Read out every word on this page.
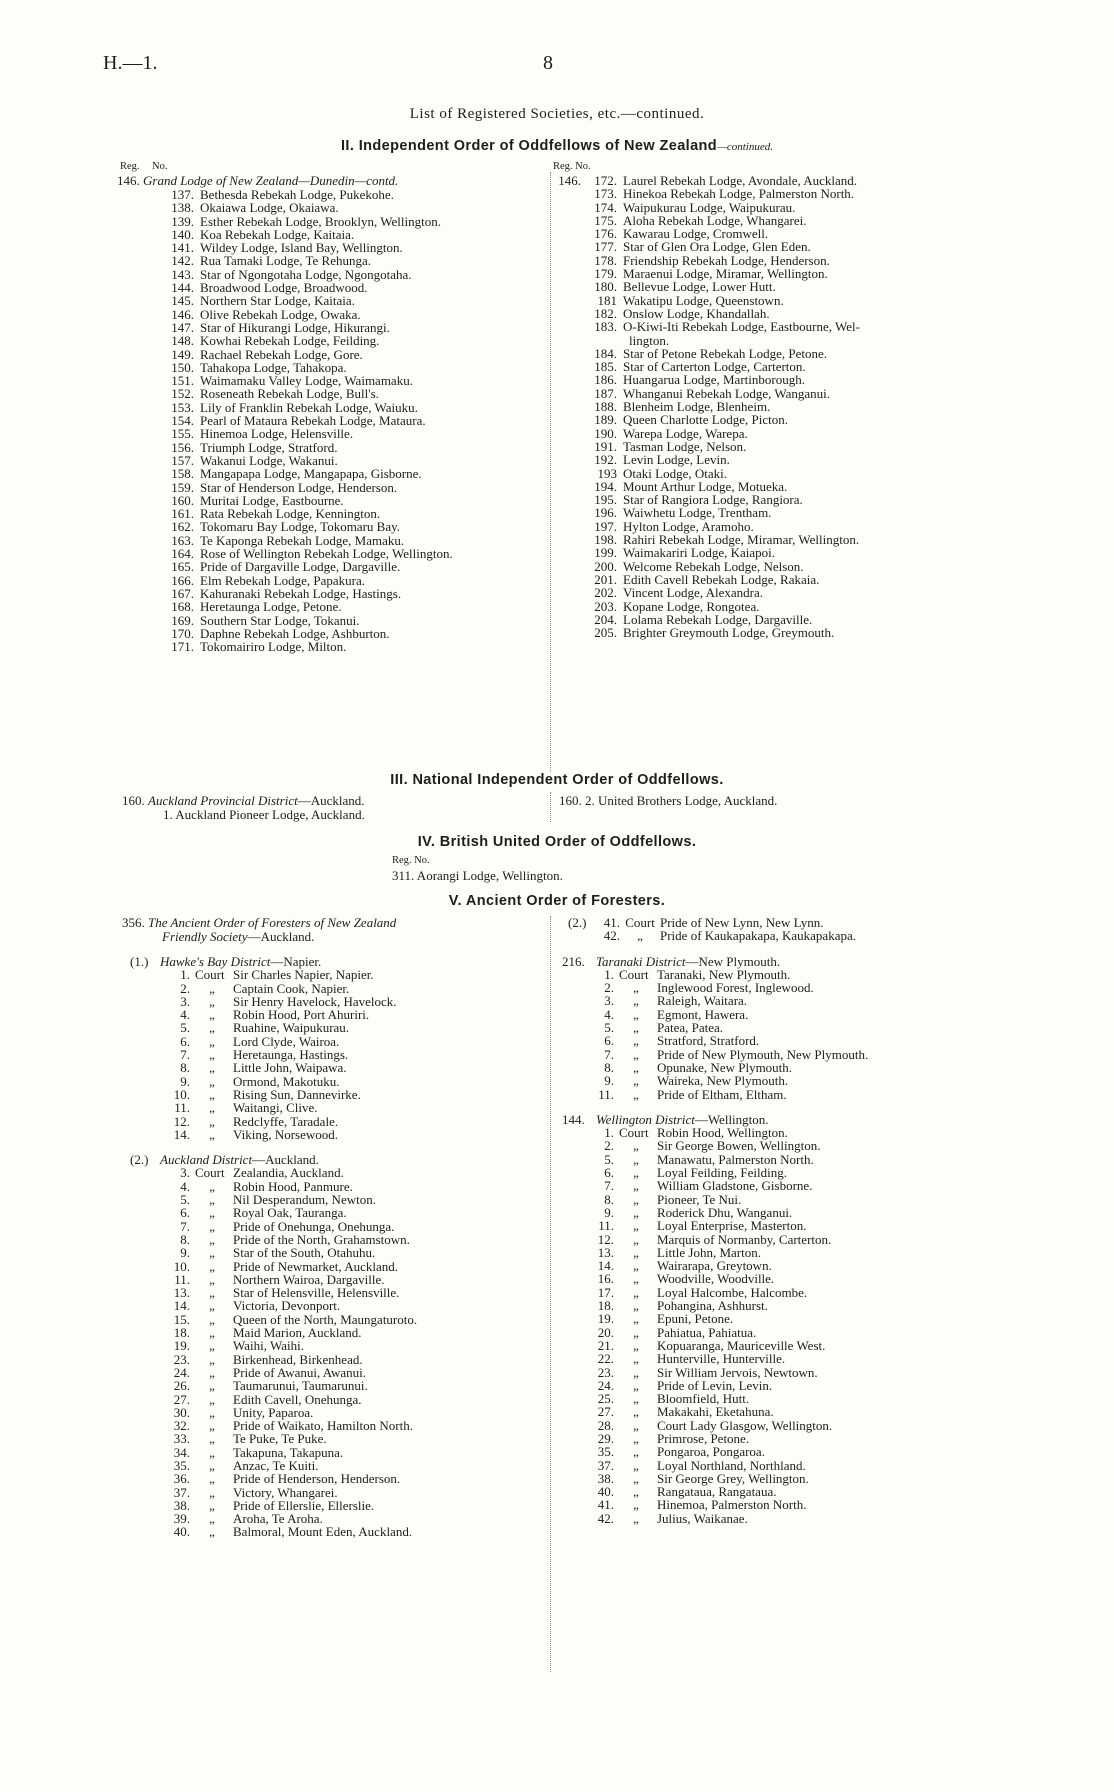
H.—1.	8
List of Registered Societies, etc.—continued.
II. Independent Order of Oddfellows of New Zealand—continued.
Reg. No.	Reg. No.
146. Grand Lodge of New Zealand—Dunedin—contd.
137. Bethesda Rebekah Lodge, Pukekohe.
138. Okaiawa Lodge, Okaiawa.
139. Esther Rebekah Lodge, Brooklyn, Wellington.
140. Koa Rebekah Lodge, Kaitaia.
141. Wildey Lodge, Island Bay, Wellington.
142. Rua Tamaki Lodge, Te Rehunga.
143. Star of Ngongotaha Lodge, Ngongotaha.
144. Broadwood Lodge, Broadwood.
145. Northern Star Lodge, Kaitaia.
146. Olive Rebekah Lodge, Owaka.
147. Star of Hikurangi Lodge, Hikurangi.
148. Kowhai Rebekah Lodge, Feilding.
149. Rachael Rebekah Lodge, Gore.
150. Tahakopa Lodge, Tahakopa.
151. Waimamaku Valley Lodge, Waimamaku.
152. Roseneath Rebekah Lodge, Bull's.
153. Lily of Franklin Rebekah Lodge, Waiuku.
154. Pearl of Mataura Rebekah Lodge, Mataura.
155. Hinemoa Lodge, Helensville.
156. Triumph Lodge, Stratford.
157. Wakanui Lodge, Wakanui.
158. Mangapapa Lodge, Mangapapa, Gisborne.
159. Star of Henderson Lodge, Henderson.
160. Muritai Lodge, Eastbourne.
161. Rata Rebekah Lodge, Kennington.
162. Tokomaru Bay Lodge, Tokomaru Bay.
163. Te Kaponga Rebekah Lodge, Mamaku.
164. Rose of Wellington Rebekah Lodge, Wellington.
165. Pride of Dargaville Lodge, Dargaville.
166. Elm Rebekah Lodge, Papakura.
167. Kahuranaki Rebekah Lodge, Hastings.
168. Heretaunga Lodge, Petone.
169. Southern Star Lodge, Tokanui.
170. Daphne Rebekah Lodge, Ashburton.
171. Tokomairiro Lodge, Milton.
146.	172. Laurel Rebekah Lodge, Avondale, Auckland.
173. Hinekoa Rebekah Lodge, Palmerston North.
174. Waipukurau Lodge, Waipukurau.
175. Aloha Rebekah Lodge, Whangarei.
176. Kawarau Lodge, Cromwell.
177. Star of Glen Ora Lodge, Glen Eden.
178. Friendship Rebekah Lodge, Henderson.
179. Maraenui Lodge, Miramar, Wellington.
180. Bellevue Lodge, Lower Hutt.
181 Wakatipu Lodge, Queenstown.
182. Onslow Lodge, Khandallah.
183. O-Kiwi-Iti Rebekah Lodge, Eastbourne, Wel-
lington.
184. Star of Petone Rebekah Lodge, Petone.
185. Star of Carterton Lodge, Carterton.
186. Huangarua Lodge, Martinborough.
187. Whanganui Rebekah Lodge, Wanganui.
188. Blenheim Lodge, Blenheim.
189. Queen Charlotte Lodge, Picton.
190. Warepa Lodge, Warepa.
191. Tasman Lodge, Nelson.
192. Levin Lodge, Levin.
193 Otaki Lodge, Otaki.
194. Mount Arthur Lodge, Motueka.
195. Star of Rangiora Lodge, Rangiora.
196. Waiwhetu Lodge, Trentham.
197. Hylton Lodge, Aramoho.
198. Rahiri Rebekah Lodge, Miramar, Wellington.
199. Waimakariri Lodge, Kaiapoi.
200. Welcome Rebekah Lodge, Nelson.
201. Edith Cavell Rebekah Lodge, Rakaia.
202. Vincent Lodge, Alexandra.
203. Kopane Lodge, Rongotea.
204. Lolama Rebekah Lodge, Dargaville.
205. Brighter Greymouth Lodge, Greymouth.
III. National Independent Order of Oddfellows.
160. Auckland Provincial District—Auckland.
1. Auckland Pioneer Lodge, Auckland.
160. 2. United Brothers Lodge, Auckland.
IV. British United Order of Oddfellows.
Reg. No.
311. Aorangi Lodge, Wellington.
V. Ancient Order of Foresters.
356. The Ancient Order of Foresters of New Zealand
Friendly Society—Auckland.
(1.) Hawke's Bay District —Napier.
1. Court Sir Charles Napier, Napier.
2.	„	Captain Cook, Napier.
3.	„	Sir Henry Havelock, Havelock.
4.	„	Robin Hood, Port Ahuriri.
5.	„	Ruahine, Waipukurau.
6.	„	Lord Clyde, Wairoa.
7.	„	Heretaunga, Hastings.
8.	„	Little John, Waipawa.
9.	„	Ormond, Makotuku.
10.	„	Rising Sun, Dannevirke.
11.	„	Waitangi, Clive.
12.	„	Redclyffe, Taradale.
14.	„	Viking, Norsewood.
(2.) Auckland District —Auckland.
3. Court Zealandia, Auckland.
4.	„	Robin Hood, Panmure.
5.	„	Nil Desperandum, Newton.
6.	„	Royal Oak, Tauranga.
7.	„	Pride of Onehunga, Onehunga.
8.	„	Pride of the North, Grahamstown.
9.	„	Star of the South, Otahuhu.
10.	„	Pride of Newmarket, Auckland.
11.	„	Northern Wairoa, Dargaville.
13.	„	Star of Helensville, Helensville.
14.	„	Victoria, Devonport.
15.	„	Queen of the North, Maungaturoto.
18.	„	Maid Marion, Auckland.
19.	„	Waihi, Waihi.
23.	„	Birkenhead, Birkenhead.
24.	„	Pride of Awanui, Awanui.
26.	„	Taumarunui, Taumarunui.
27.	„	Edith Cavell, Onehunga.
30.	„	Unity, Paparoa.
32.	„	Pride of Waikato, Hamilton North.
33.	„	Te Puke, Te Puke.
34.	„	Takapuna, Takapuna.
35.	„	Anzac, Te Kuiti.
36.	„	Pride of Henderson, Henderson.
37.	„	Victory, Whangarei.
38.	„	Pride of Ellerslie, Ellerslie.
39.	„	Aroha, Te Aroha.
40.	„	Balmoral, Mount Eden, Auckland.
(2.)	41. Court Pride of New Lynn, New Lynn.
42.	„	Pride of Kaukapakapa, Kaukapakapa.
216. Taranaki District —New Plymouth.
1. Court Taranaki, New Plymouth.
2.	„	Inglewood Forest, Inglewood.
3.	„	Raleigh, Waitara.
4.	„	Egmont, Hawera.
5.	„	Patea, Patea.
6.	„	Stratford, Stratford.
7.	„	Pride of New Plymouth, New Plymouth.
8.	„	Opunake, New Plymouth.
9.	„	Waireka, New Plymouth.
11.	„	Pride of Eltham, Eltham.
144. Wellington District —Wellington.
1. Court Robin Hood, Wellington.
2.	„	Sir George Bowen, Wellington.
5.	„	Manawatu, Palmerston North.
6.	„	Loyal Feilding, Feilding.
7.	„	William Gladstone, Gisborne.
8.	„	Pioneer, Te Nui.
9.	„	Roderick Dhu, Wanganui.
11.	„	Loyal Enterprise, Masterton.
12.	„	Marquis of Normanby, Carterton.
13.	„	Little John, Marton.
14.	„	Wairarapa, Greytown.
16.	„	Woodville, Woodville.
17.	„	Loyal Halcombe, Halcombe.
18.	„	Pohangina, Ashhurst.
19.	„	Epuni, Petone.
20.	„	Pahiatua, Pahiatua.
21.	„	Kopuaranga, Mauriceville West.
22.	„	Hunterville, Hunterville.
23.	„	Sir William Jervois, Newtown.
24.	„	Pride of Levin, Levin.
25.	„	Bloomfield, Hutt.
27.	„	Makakahi, Eketahuna.
28.	„	Court Lady Glasgow, Wellington.
29.	„	Primrose, Petone.
35.	„	Pongaroa, Pongaroa.
37.	„	Loyal Northland, Northland.
38.	„	Sir George Grey, Wellington.
40.	„	Rangataua, Rangataua.
41.	„	Hinemoa, Palmerston North.
42.	„	Julius, Waikanae.
